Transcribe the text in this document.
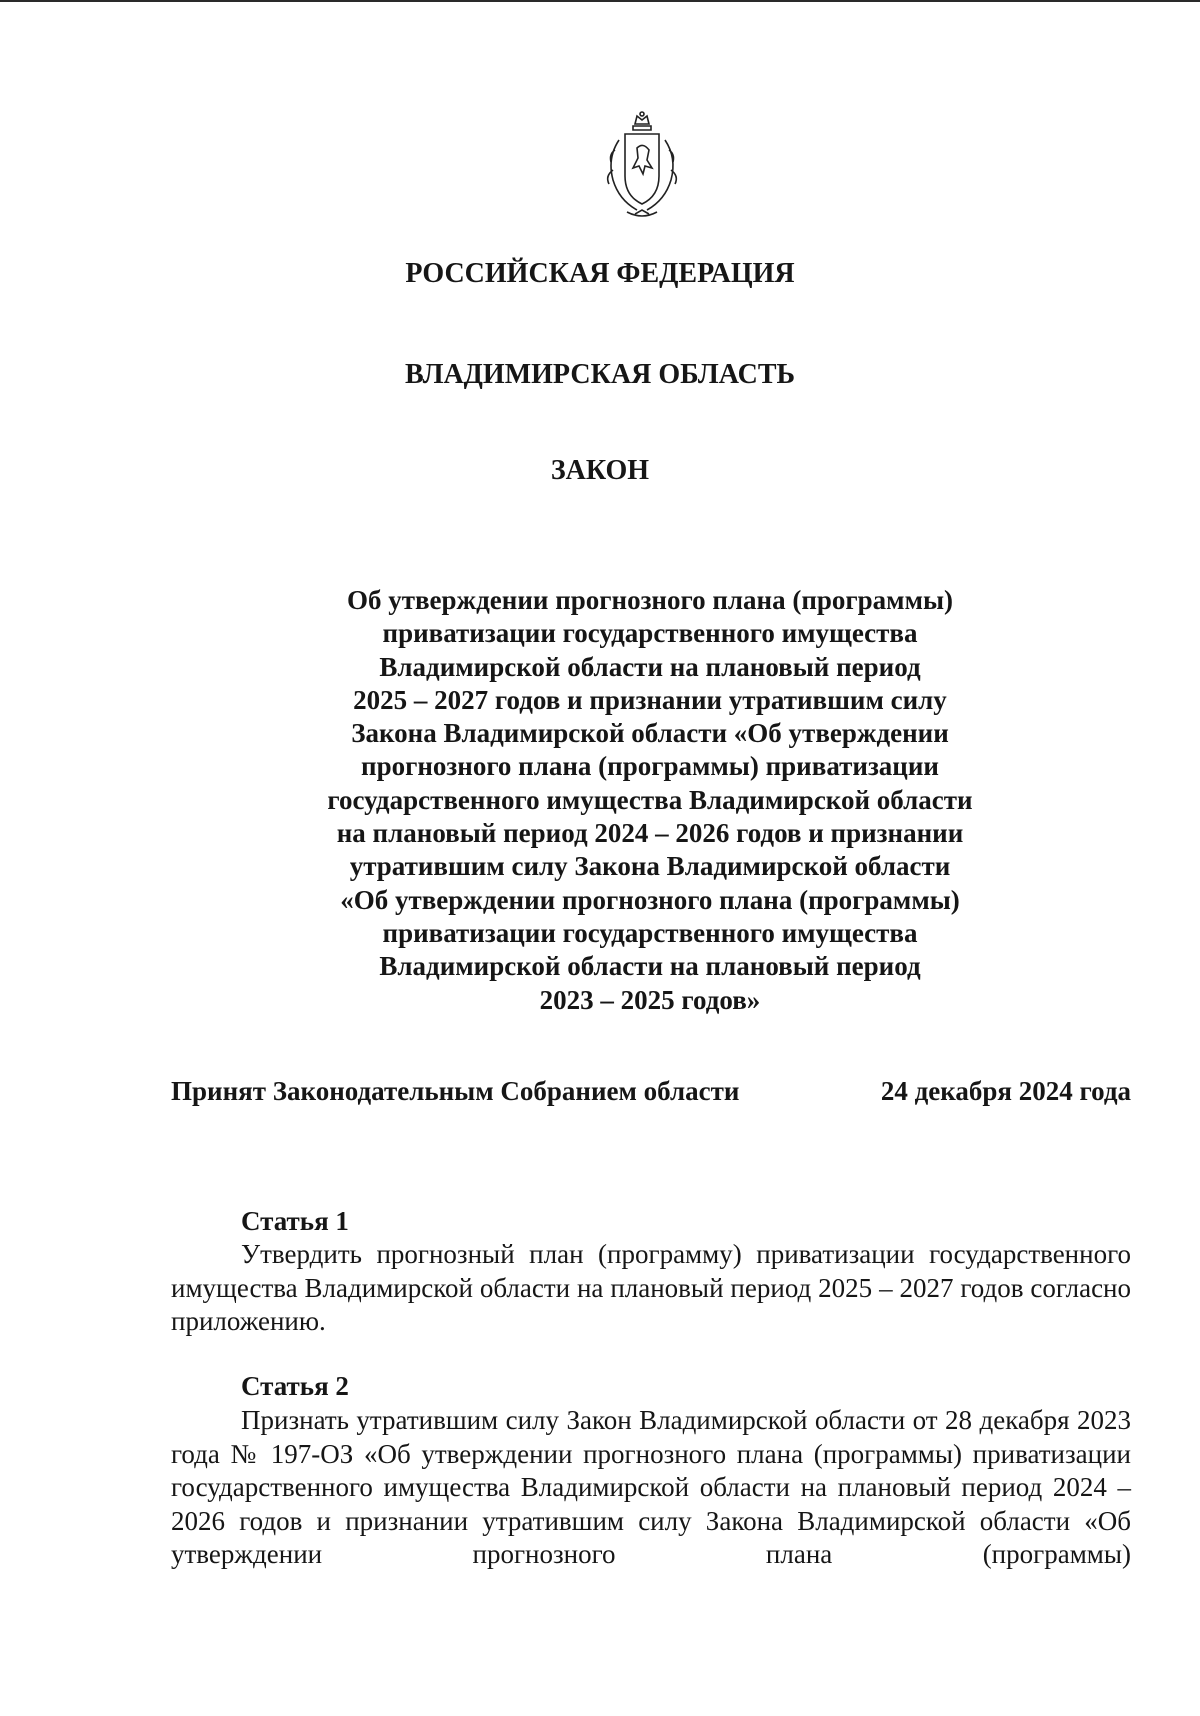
РОССИЙСКАЯ ФЕДЕРАЦИЯ
ВЛАДИМИРСКАЯ ОБЛАСТЬ
ЗАКОН
Об утверждении прогнозного плана (программы)
приватизации государственного имущества
Владимирской области на плановый период
2025 – 2027 годов и признании утратившим силу
Закона Владимирской области «Об утверждении
прогнозного плана (программы) приватизации
государственного имущества Владимирской области
на плановый период 2024 – 2026 годов и признании
утратившим силу Закона Владимирской области
«Об утверждении прогнозного плана (программы)
приватизации государственного имущества
Владимирской области на плановый период
2023 – 2025 годов»
Принят Законодательным Собранием области	24 декабря 2024 года
Статья 1

Утвердить прогнозный план (программу) приватизации государственного имущества Владимирской области на плановый период 2025 – 2027 годов согласно приложению.

Статья 2

Признать утратившим силу Закон Владимирской области от 28 декабря 2023 года № 197-ОЗ «Об утверждении прогнозного плана (программы) приватизации государственного имущества Владимирской области на плановый период 2024 – 2026 годов и признании утратившим силу Закона Владимирской области «Об утверждении прогнозного плана (программы)
